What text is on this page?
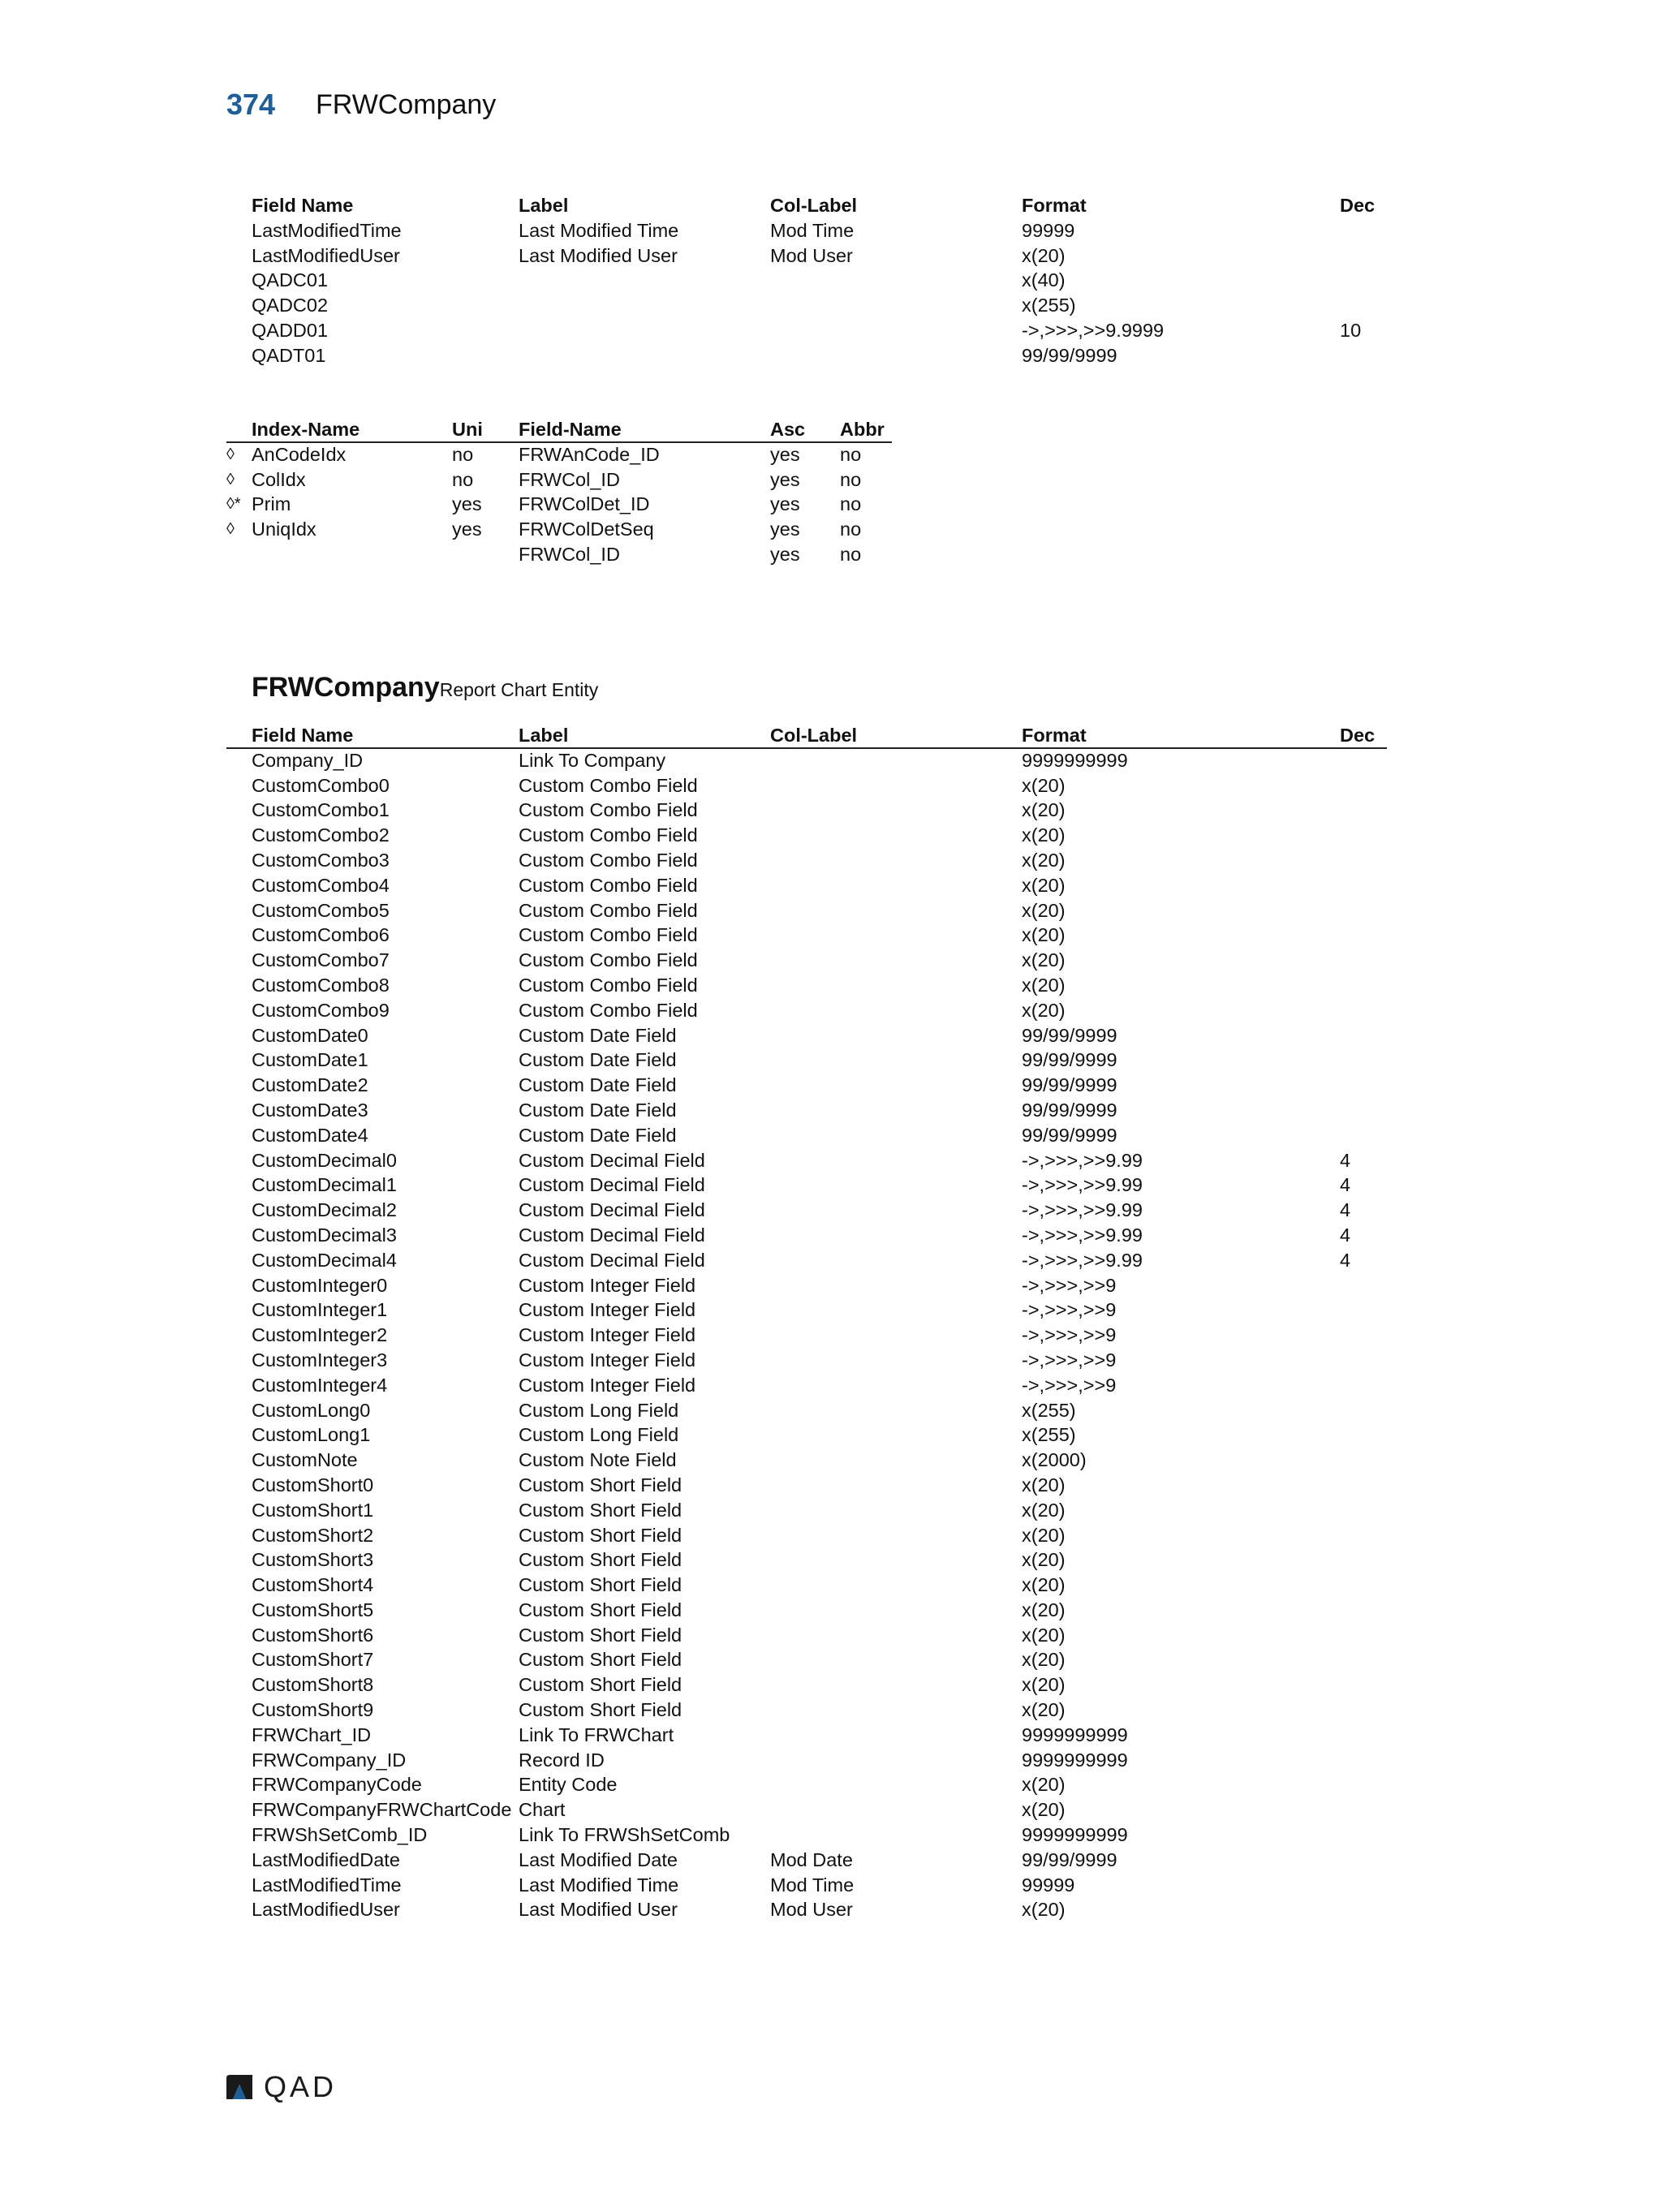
374 FRWCompany
Field Name	Label	Col-Label	Format	Dec
LastModifiedTime	Last Modified Time	Mod Time	99999
LastModifiedUser	Last Modified User	Mod User	x(20)
QADC01	x(40)
QADC02	x(255)
QADD01	->,>>>,>>9.9999	10
QADT01	99/99/9999
Index-Name	Uni Field-Name	Asc Abbr
◊ AnCodeIdx	no FRWAnCode_ID	yes no
◊ ColIdx	no FRWCol_ID	yes no
◊* Prim	yes FRWColDet_ID	yes no
◊ UniqIdx	yes FRWColDetSeq	yes no
FRWCol_ID	yes no
FRWCompanyReport Chart Entity
Field Name	Label	Col-Label	Format	Dec
Company_ID	Link To Company	9999999999
CustomCombo0	Custom Combo Field	x(20)
CustomCombo1	Custom Combo Field	x(20)
CustomCombo2	Custom Combo Field	x(20)
CustomCombo3	Custom Combo Field	x(20)
CustomCombo4	Custom Combo Field	x(20)
CustomCombo5	Custom Combo Field	x(20)
CustomCombo6	Custom Combo Field	x(20)
CustomCombo7	Custom Combo Field	x(20)
CustomCombo8	Custom Combo Field	x(20)
CustomCombo9	Custom Combo Field	x(20)
CustomDate0	Custom Date Field	99/99/9999
CustomDate1	Custom Date Field	99/99/9999
CustomDate2	Custom Date Field	99/99/9999
CustomDate3	Custom Date Field	99/99/9999
CustomDate4	Custom Date Field	99/99/9999
CustomDecimal0	Custom Decimal Field	->,>>>,>>9.99	4
CustomDecimal1	Custom Decimal Field	->,>>>,>>9.99	4
CustomDecimal2	Custom Decimal Field	->,>>>,>>9.99	4
CustomDecimal3	Custom Decimal Field	->,>>>,>>9.99	4
CustomDecimal4	Custom Decimal Field	->,>>>,>>9.99	4
CustomInteger0	Custom Integer Field	->,>>>,>>9
CustomInteger1	Custom Integer Field	->,>>>,>>9
CustomInteger2	Custom Integer Field	->,>>>,>>9
CustomInteger3	Custom Integer Field	->,>>>,>>9
CustomInteger4	Custom Integer Field	->,>>>,>>9
CustomLong0	Custom Long Field	x(255)
CustomLong1	Custom Long Field	x(255)
CustomNote	Custom Note Field	x(2000)
CustomShort0	Custom Short Field	x(20)
CustomShort1	Custom Short Field	x(20)
CustomShort2	Custom Short Field	x(20)
CustomShort3	Custom Short Field	x(20)
CustomShort4	Custom Short Field	x(20)
CustomShort5	Custom Short Field	x(20)
CustomShort6	Custom Short Field	x(20)
CustomShort7	Custom Short Field	x(20)
CustomShort8	Custom Short Field	x(20)
CustomShort9	Custom Short Field	x(20)
FRWChart_ID	Link To FRWChart	9999999999
FRWCompany_ID	Record ID	9999999999
FRWCompanyCode	Entity Code	x(20)
FRWCompanyFRWChartCode Chart	x(20)
FRWShSetComb_ID	Link To FRWShSetComb	9999999999
LastModifiedDate	Last Modified Date	Mod Date	99/99/9999
LastModifiedTime	Last Modified Time	Mod Time	99999
LastModifiedUser	Last Modified User	Mod User	x(20)
QAD
